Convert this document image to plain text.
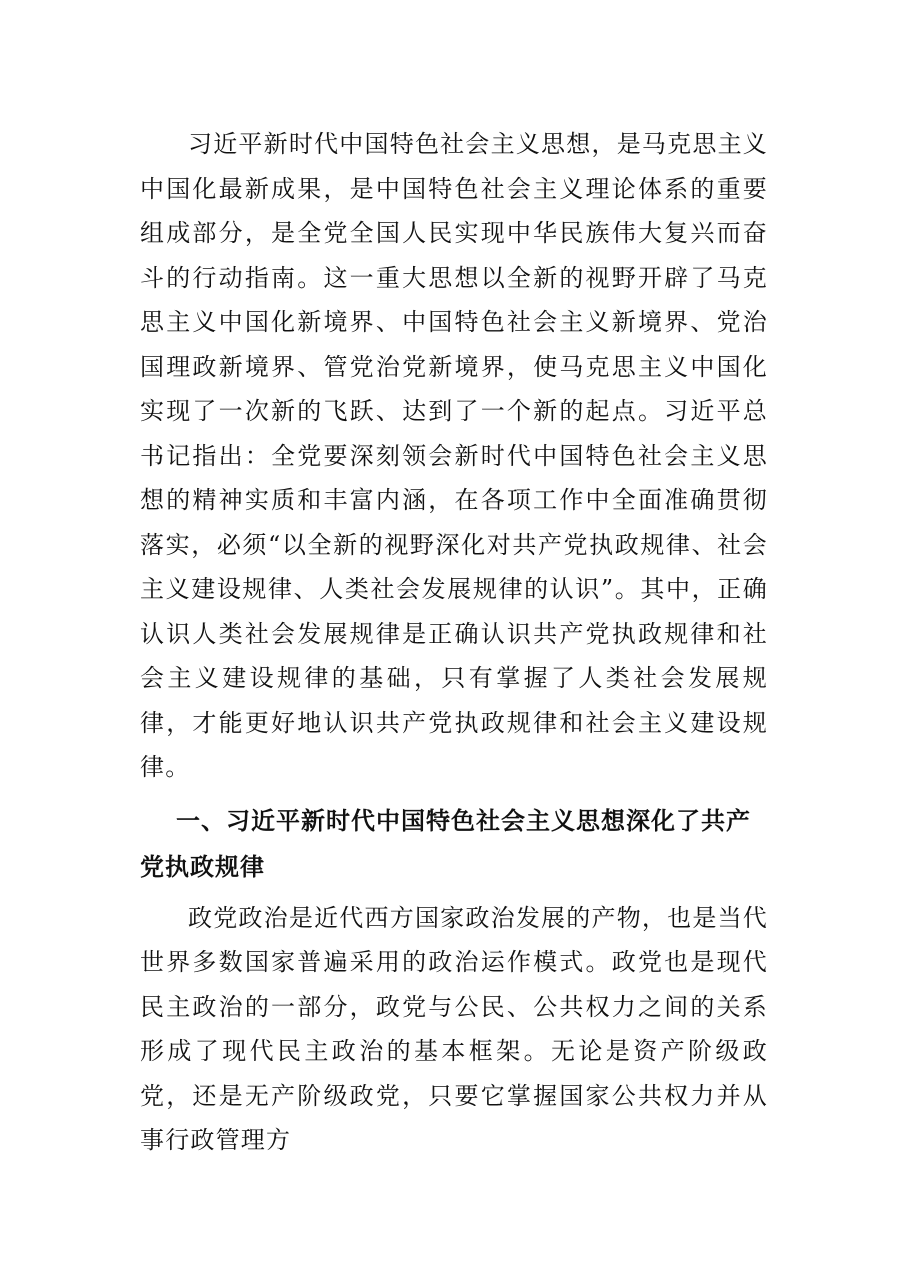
习近平新时代中国特色社会主义思想，是马克思主义中国化最新成果，是中国特色社会主义理论体系的重要组成部分，是全党全国人民实现中华民族伟大复兴而奋斗的行动指南。这一重大思想以全新的视野开辟了马克思主义中国化新境界、中国特色社会主义新境界、党治国理政新境界、管党治党新境界，使马克思主义中国化实现了一次新的飞跃、达到了一个新的起点。习近平总书记指出：全党要深刻领会新时代中国特色社会主义思想的精神实质和丰富内涵，在各项工作中全面准确贯彻落实，必须“以全新的视野深化对共产党执政规律、社会主义建设规律、人类社会发展规律的认识”。其中，正确认识人类社会发展规律是正确认识共产党执政规律和社会主义建设规律的基础，只有掌握了人类社会发展规律，才能更好地认识共产党执政规律和社会主义建设规律。

一、习近平新时代中国特色社会主义思想深化了共产党执政规律

政党政治是近代西方国家政治发展的产物，也是当代世界多数国家普遍采用的政治运作模式。政党也是现代民主政治的一部分，政党与公民、公共权力之间的关系形成了现代民主政治的基本框架。无论是资产阶级政党，还是无产阶级政党，只要它掌握国家公共权力并从事行政管理方
